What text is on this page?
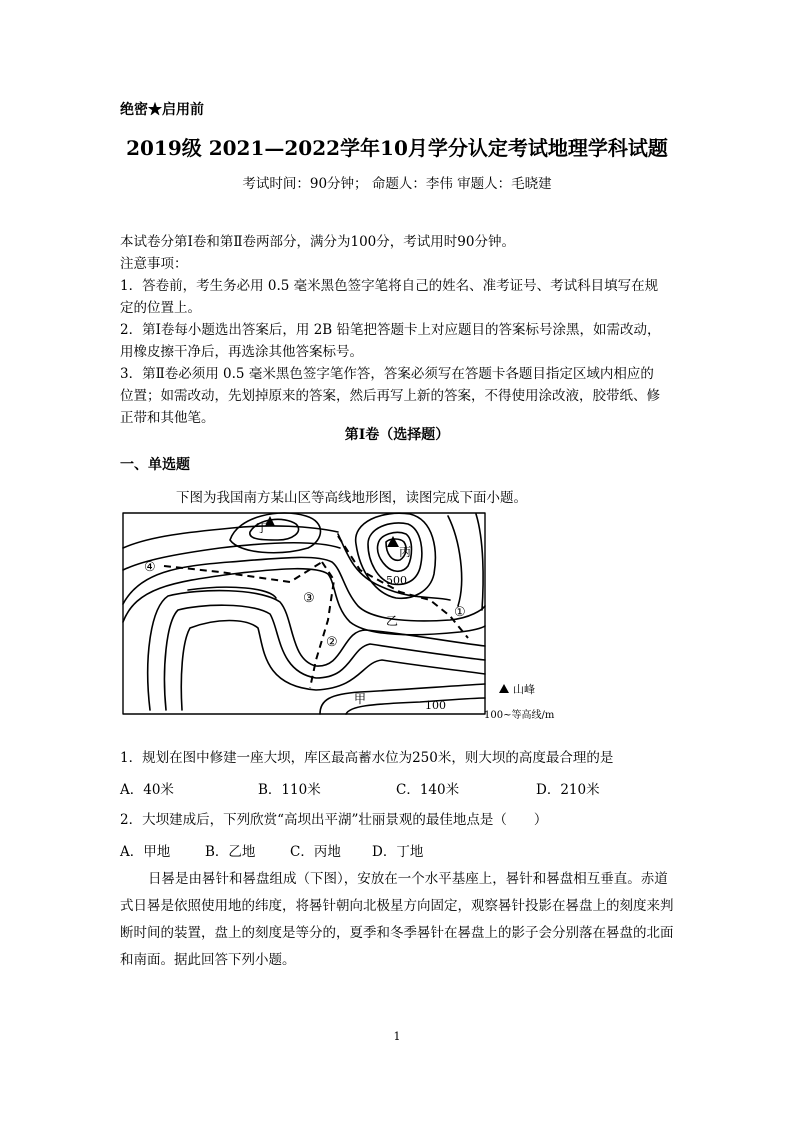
绝密★启用前
2019级 2021—2022学年10月学分认定考试地理学科试题
考试时间：90分钟； 命题人：李伟 审题人：毛晓建
本试卷分第Ⅰ卷和第Ⅱ卷两部分，满分为100分，考试用时90分钟。
注意事项：
1．答卷前，考生务必用 0.5 毫米黑色签字笔将自己的姓名、准考证号、考试科目填写在规
定的位置上。
2．第Ⅰ卷每小题选出答案后，用 2B 铅笔把答题卡上对应题目的答案标号涂黑，如需改动，
用橡皮擦干净后，再选涂其他答案标号。
3．第Ⅱ卷必须用 0.5 毫米黑色签字笔作答，答案必须写在答题卡各题目指定区域内相应的
位置；如需改动，先划掉原来的答案，然后再写上新的答案，不得使用涂改液，胶带纸、修
正带和其他笔。
第Ⅰ卷（选择题）
一、单选题
下图为我国南方某山区等高线地形图，读图完成下面小题。
丁
丙
乙
甲
500
100
①
②
③
④
山峰
100~等高线/m
1．规划在图中修建一座大坝，库区最高蓄水位为250米，则大坝的高度最合理的是
A．40米	B．110米	C．140米	D．210米
2．大坝建成后，下列欣赏“高坝出平湖”壮丽景观的最佳地点是（　　）
A．甲地	B．乙地	C．丙地 D．丁地
日晷是由晷针和晷盘组成（下图），安放在一个水平基座上，晷针和晷盘相互垂直。赤道式日晷是依照使用地的纬度，将晷针朝向北极星方向固定，观察晷针投影在晷盘上的刻度来判断时间的装置，盘上的刻度是等分的，夏季和冬季晷针在晷盘上的影子会分别落在晷盘的北面和南面。据此回答下列小题。
1
